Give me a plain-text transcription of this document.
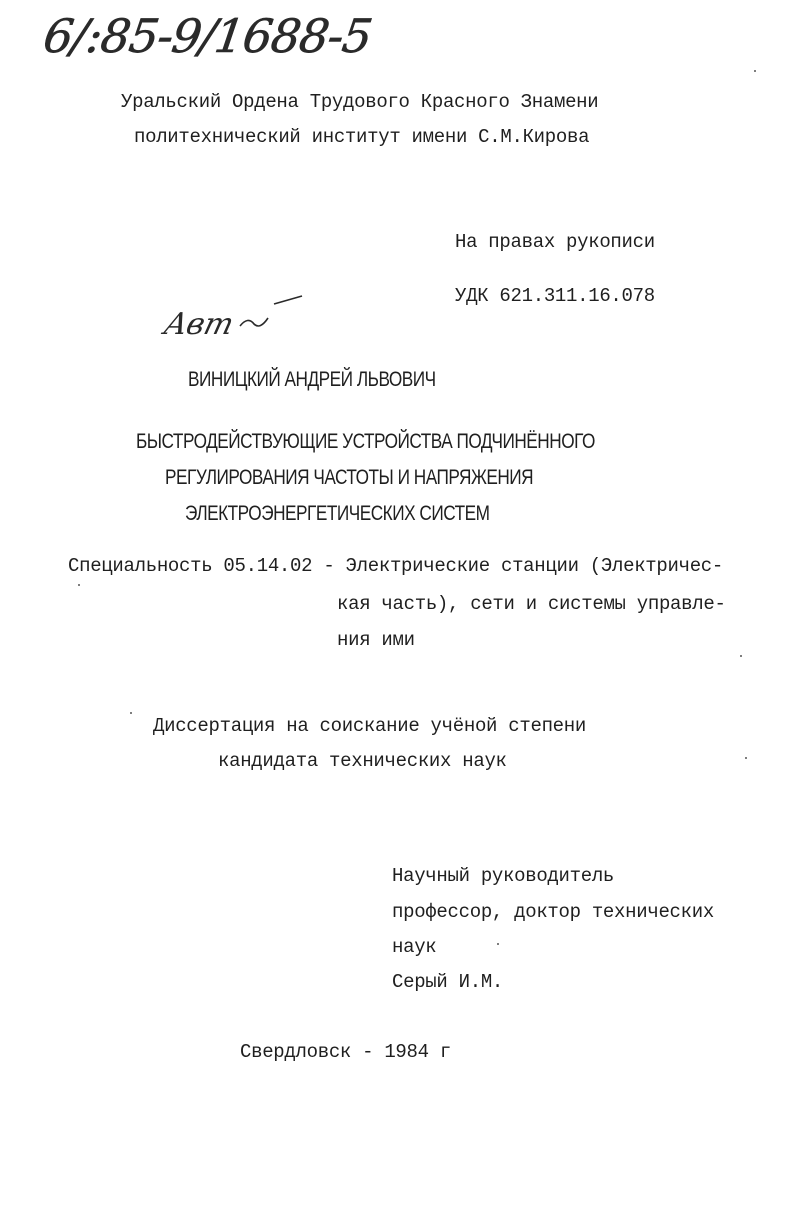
6/:85-9/1688-5
Уральский Ордена Трудового Красного Знамени
политехнический институт имени С.М.Кирова
На правах рукописи
УДК 621.311.16.078
Aвт
ВИНИЦКИЙ АНДРЕЙ ЛЬВОВИЧ
БЫСТРОДЕЙСТВУЮЩИЕ УСТРОЙСТВА ПОДЧИНЁННОГО
РЕГУЛИРОВАНИЯ ЧАСТОТЫ И НАПРЯЖЕНИЯ
ЭЛЕКТРОЭНЕРГЕТИЧЕСКИХ СИСТЕМ
Специальность 05.14.02 - Электрические станции (Электричес-
кая часть), сети и системы управле-
ния ими
Диссертация на соискание учёной степени
кандидата технических наук
Научный руководитель
профессор, доктор технических
наук
Серый И.М.
Свердловск - 1984 г
